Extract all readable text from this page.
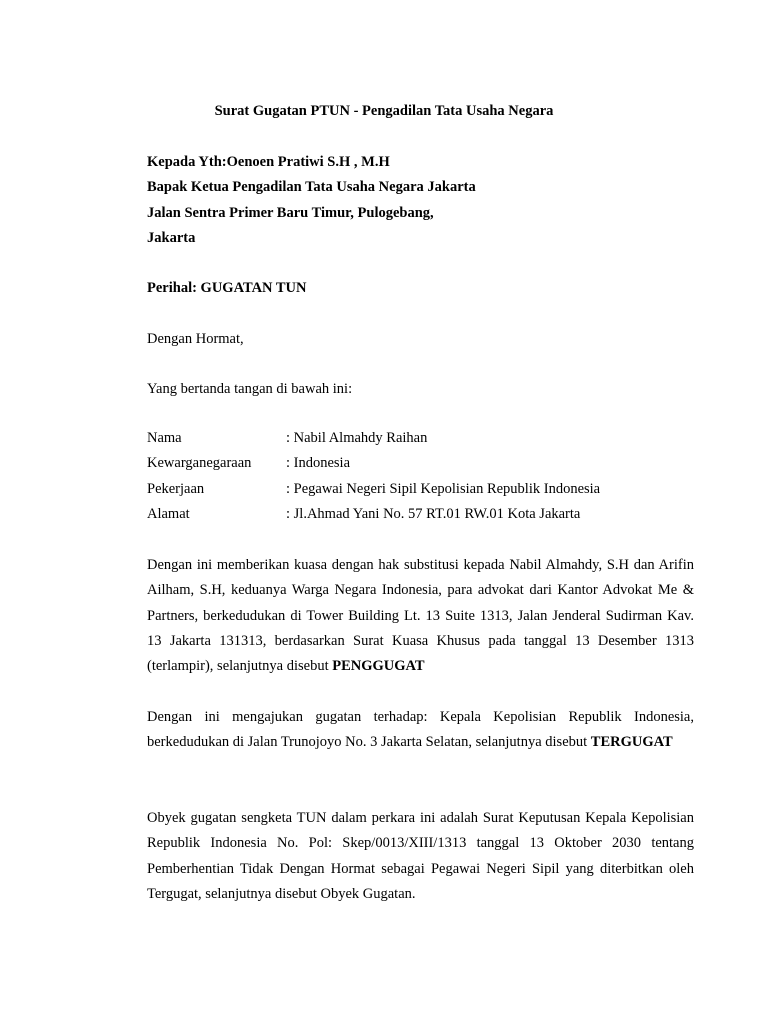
Surat Gugatan PTUN - Pengadilan Tata Usaha Negara
Kepada Yth:Oenoen Pratiwi S.H , M.H
Bapak Ketua Pengadilan Tata Usaha Negara Jakarta
Jalan Sentra Primer Baru Timur, Pulogebang,
Jakarta
Perihal: GUGATAN TUN
Dengan Hormat,
Yang bertanda tangan di bawah ini:
Nama	: Nabil Almahdy Raihan
Kewarganegaraan	: Indonesia
Pekerjaan	: Pegawai Negeri Sipil Kepolisian Republik Indonesia
Alamat	: Jl.Ahmad Yani No. 57 RT.01 RW.01 Kota Jakarta
Dengan ini memberikan kuasa dengan hak substitusi kepada Nabil Almahdy, S.H dan Arifin Ailham, S.H, keduanya Warga Negara Indonesia, para advokat dari Kantor Advokat Me & Partners, berkedudukan di Tower Building Lt. 13 Suite 1313, Jalan Jenderal Sudirman Kav. 13 Jakarta 131313, berdasarkan Surat Kuasa Khusus pada tanggal 13 Desember 1313 (terlampir), selanjutnya disebut PENGGUGAT
Dengan ini mengajukan gugatan terhadap: Kepala Kepolisian Republik Indonesia, berkedudukan di Jalan Trunojoyo No. 3 Jakarta Selatan, selanjutnya disebut TERGUGAT
Obyek gugatan sengketa TUN dalam perkara ini adalah Surat Keputusan Kepala Kepolisian Republik Indonesia No. Pol: Skep/0013/XIII/1313 tanggal 13 Oktober 2030 tentang Pemberhentian Tidak Dengan Hormat sebagai Pegawai Negeri Sipil yang diterbitkan oleh Tergugat, selanjutnya disebut Obyek Gugatan.
